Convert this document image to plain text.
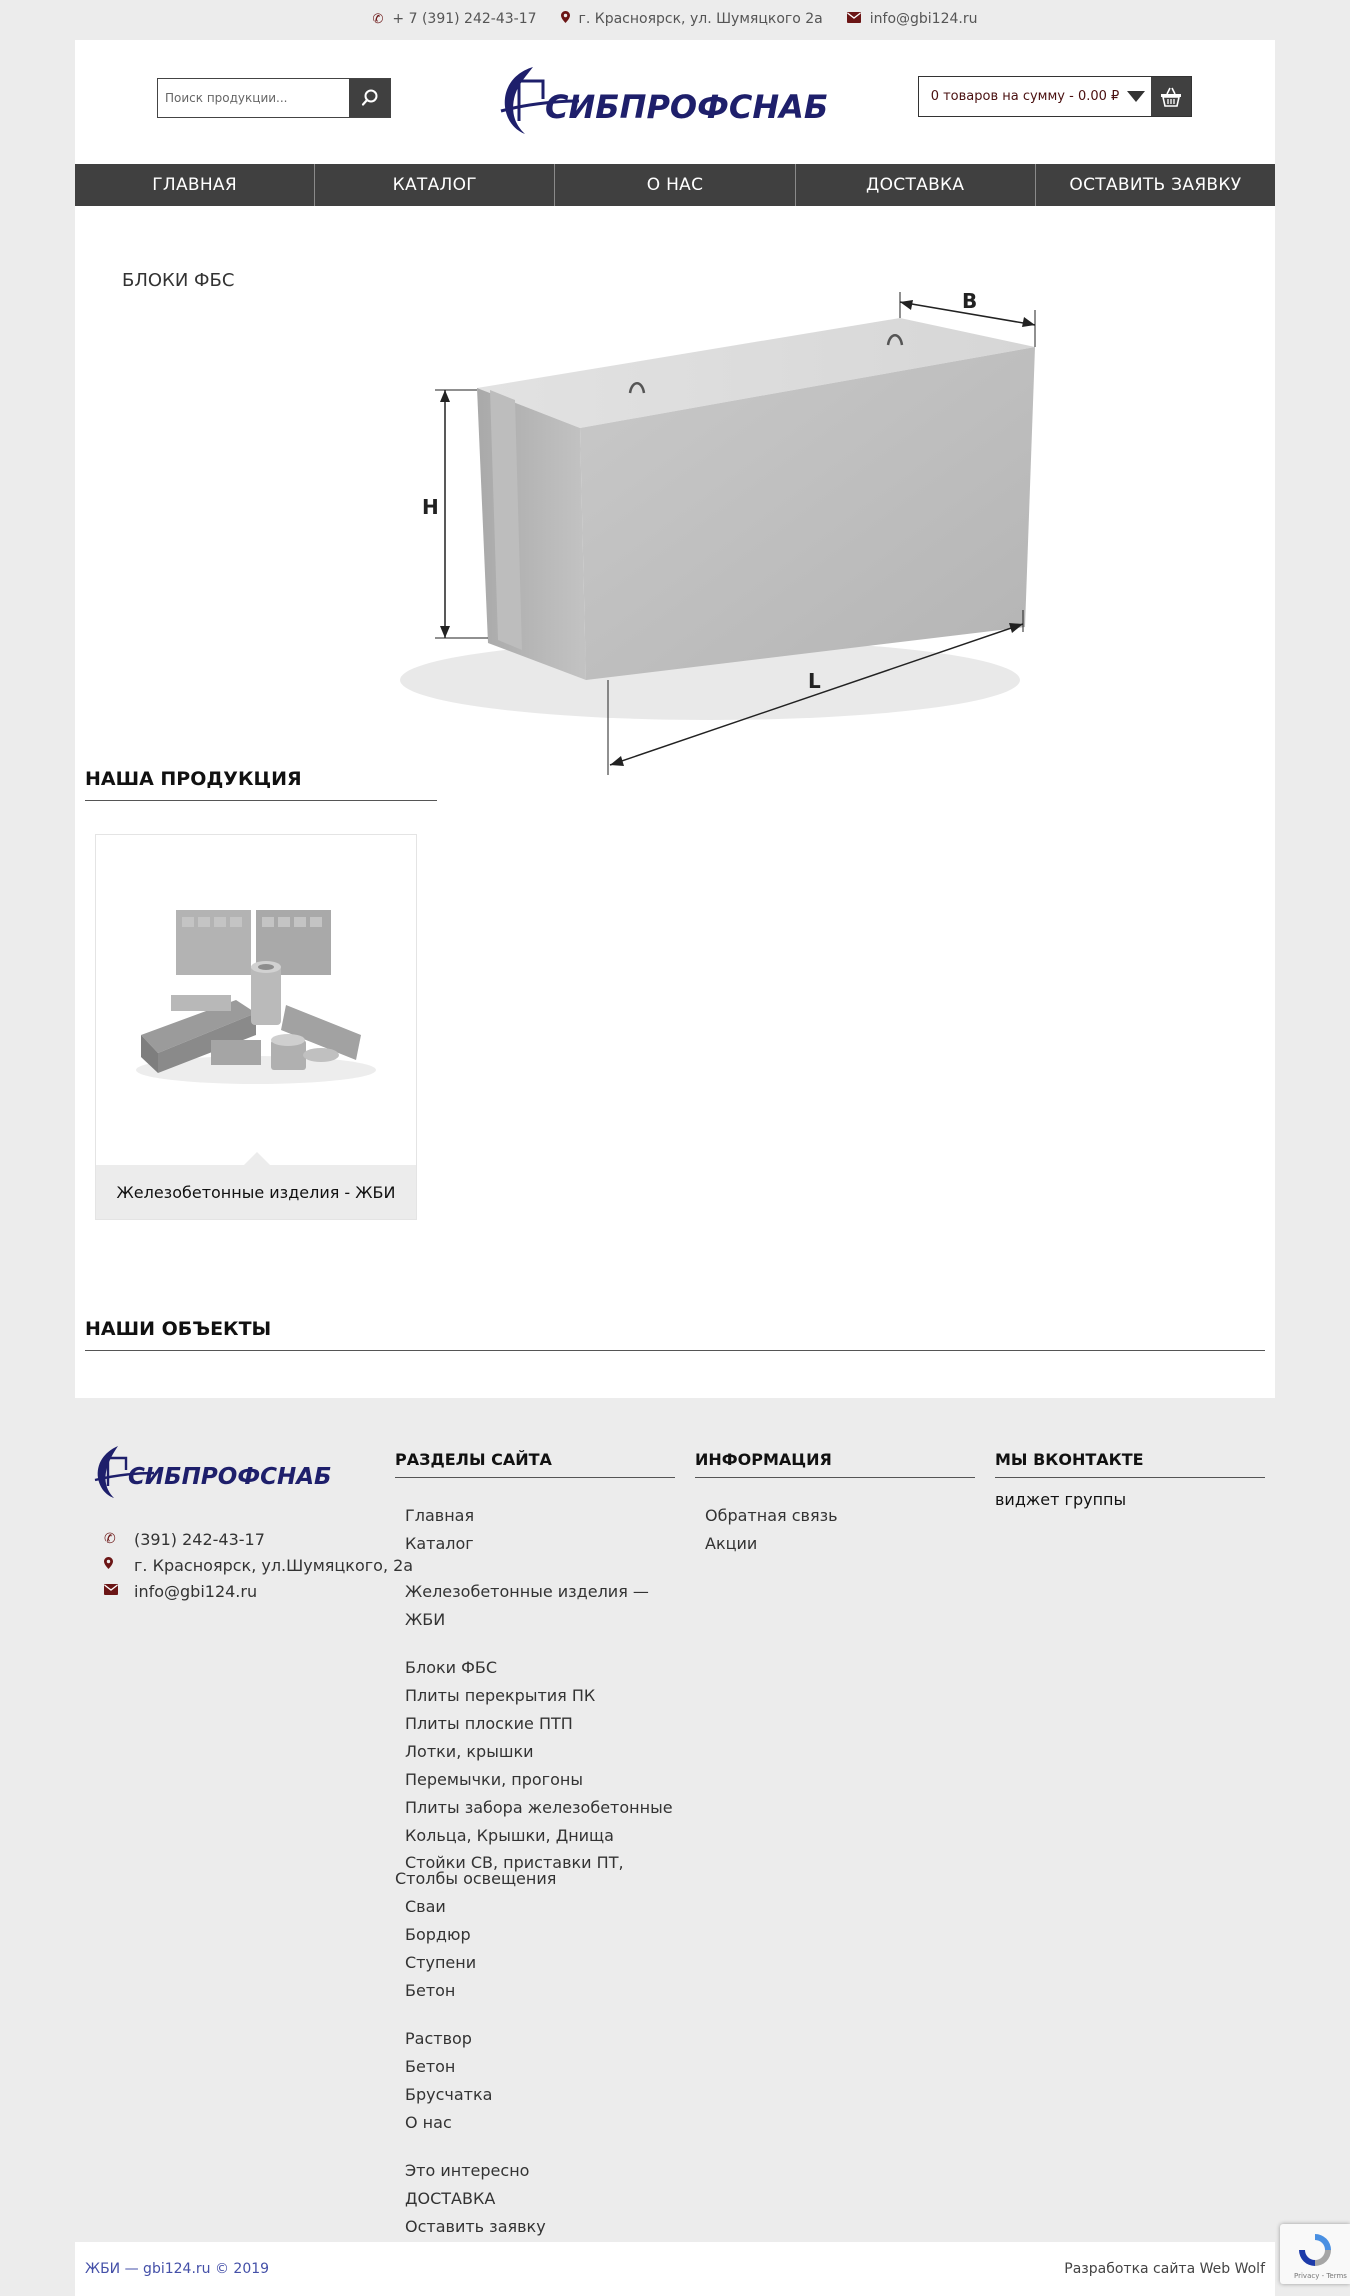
✆ + 7 (391) 242-43-17	г. Красноярск, ул. Шумяцкого 2а	info@gbi124.ru
Поиск продукции...
СИБПРОФСНАБ	0 товаров на сумму - 0.00 ₽
ГЛАВНАЯ	КАТАЛОГ	О НАС	ДОСТАВКА	ОСТАВИТЬ ЗАЯВКУ
БЛОКИ ФБС
H
B
L
НАША ПРОДУКЦИЯ
Железобетонные изделия - ЖБИ
НАШИ ОБЪЕКТЫ
СИБПРОФСНАБ
✆	(391) 242-43-17
г. Красноярск, ул.Шумяцкого, 2а
info@gbi124.ru
РАЗДЕЛЫ САЙТА
Главная
Каталог
Железобетонные изделия — ЖБИ
Блоки ФБС
Плиты перекрытия ПК
Плиты плоские ПТП
Лотки, крышки
Перемычки, прогоны
Плиты забора железобетонные
Кольца, Крышки, Днища
Стойки СВ, приставки ПТ, Столбы освещения
Сваи
Бордюр
Ступени
Бетон
Раствор
Бетон
Брусчатка
О нас
Это интересно
ДОСТАВКА
Оставить заявку
ИНФОРМАЦИЯ
Обратная связь
Акции
МЫ ВКОНТАКТЕ
виджет группы
ЖБИ — gbi124.ru © 2019	Разработка сайта Web Wolf	Privacy - Terms
